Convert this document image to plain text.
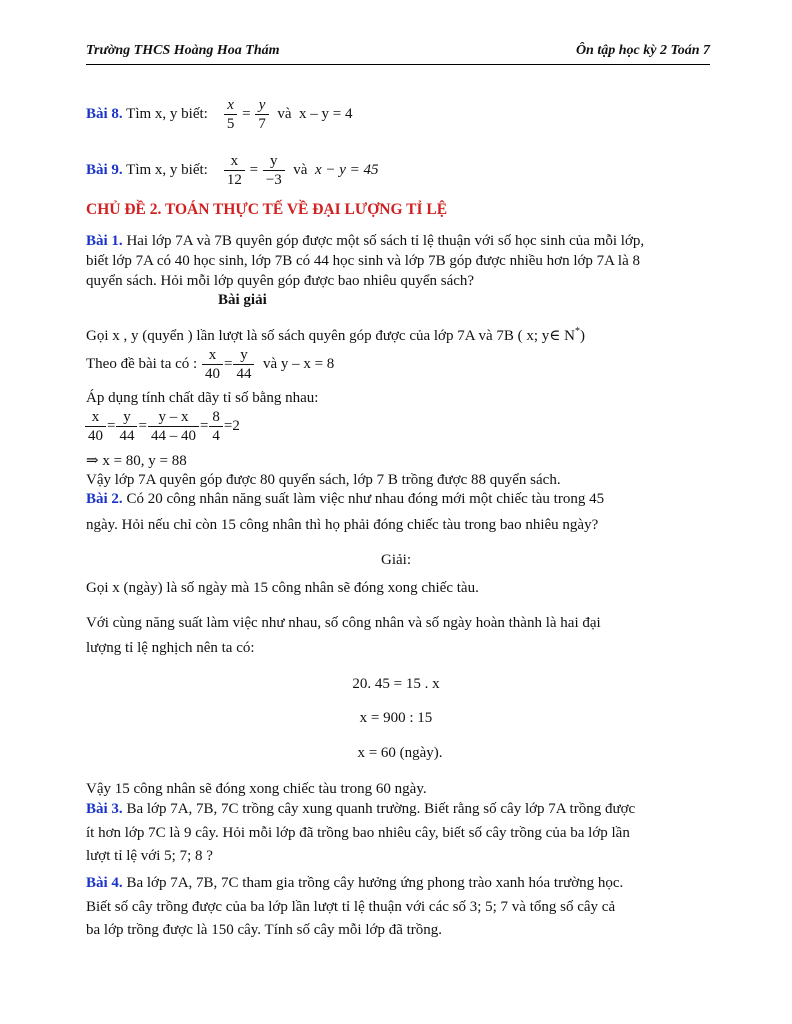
Trường THCS Hoàng Hoa Thám	Ôn tập học kỳ 2 Toán 7
Bài 8. Tìm x, y biết: $\frac{x}{5} = \frac{y}{7}$ và x – y = 4
Bài 9. Tìm x, y biết: $\frac{x}{12} = \frac{y}{-3}$ và x − y = 45
CHỦ ĐỀ 2. TOÁN THỰC TẾ VỀ ĐẠI LƯỢNG TỈ LỆ
Bài 1. Hai lớp 7A và 7B quyên góp được một số sách tỉ lệ thuận với số học sinh của mỗi lớp,
biết lớp 7A có 40 học sinh, lớp 7B có 44 học sinh và lớp 7B góp được nhiều hơn lớp 7A là 8
quyển sách. Hỏi mỗi lớp quyên góp được bao nhiêu quyển sách?
Bài giải
Gọi x , y (quyển ) lần lượt là số sách quyên góp được của lớp 7A và 7B ( x; y∈ N*)
Theo đề bài ta có : $\frac{x}{40} = \frac{y}{44}$ và y – x = 8
Áp dụng tính chất dãy tỉ số bằng nhau:
$\frac{x}{40} = \frac{y}{44} = \frac{y - x}{44 - 40} = \frac{8}{4} =2$
⇒ x = 80, y = 88
Vậy lớp 7A quyên góp được 80 quyển sách, lớp 7 B trồng được 88 quyển sách.
Bài 2. Có 20 công nhân năng suất làm việc như nhau đóng mới một chiếc tàu trong 45
ngày. Hỏi nếu chỉ còn 15 công nhân thì họ phải đóng chiếc tàu trong bao nhiêu ngày?
Giải:
Gọi x (ngày) là số ngày mà 15 công nhân sẽ đóng xong chiếc tàu.
Với cùng năng suất làm việc như nhau, số công nhân và số ngày hoàn thành là hai đại
lượng tỉ lệ nghịch nên ta có:
20. 45 = 15 . x
x = 900 : 15
x = 60 (ngày).
Vậy 15 công nhân sẽ đóng xong chiếc tàu trong 60 ngày.
Bài 3. Ba lớp 7A, 7B, 7C trồng cây xung quanh trường. Biết rằng số cây lớp 7A trồng được
ít hơn lớp 7C là 9 cây. Hỏi mỗi lớp đã trồng bao nhiêu cây, biết số cây trồng của ba lớp lần
lượt tỉ lệ với 5; 7; 8 ?
Bài 4. Ba lớp 7A, 7B, 7C tham gia trồng cây hưởng ứng phong trào xanh hóa trường học.
Biết số cây trồng được của ba lớp lần lượt tỉ lệ thuận với các số 3; 5; 7 và tổng số cây cả
ba lớp trồng được là 150 cây. Tính số cây mỗi lớp đã trồng.
